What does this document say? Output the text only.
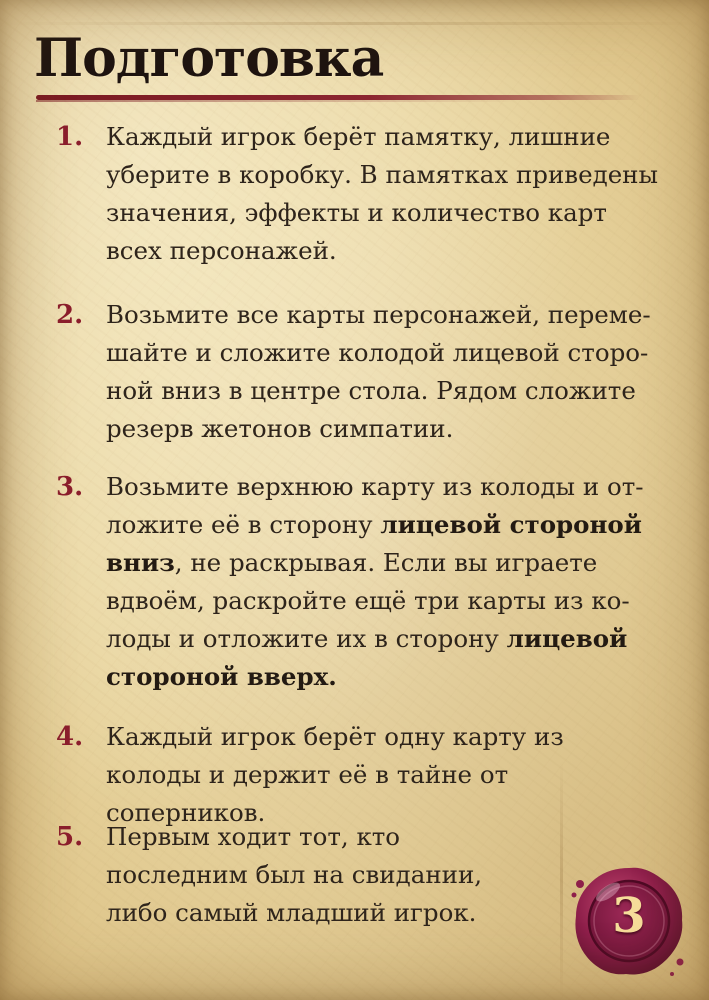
Подготовка
1. Каждый игрок берёт памятку, лишние уберите в коробку. В памятках приведены значения, эффекты и количество карт всех персонажей.
2. Возьмите все карты персонажей, перемешайте и сложите колодой лицевой стороной вниз в центре стола. Рядом сложите резерв жетонов симпатии.
3. Возьмите верхнюю карту из колоды и отложите её в сторону лицевой стороной вниз, не раскрывая. Если вы играете вдвоём, раскройте ещё три карты из колоды и отложите их в сторону лицевой стороной вверх.
4. Каждый игрок берёт одну карту из колоды и держит её в тайне от соперников.
5. Первым ходит тот, кто последним был на свидании, либо самый младший игрок.	3
